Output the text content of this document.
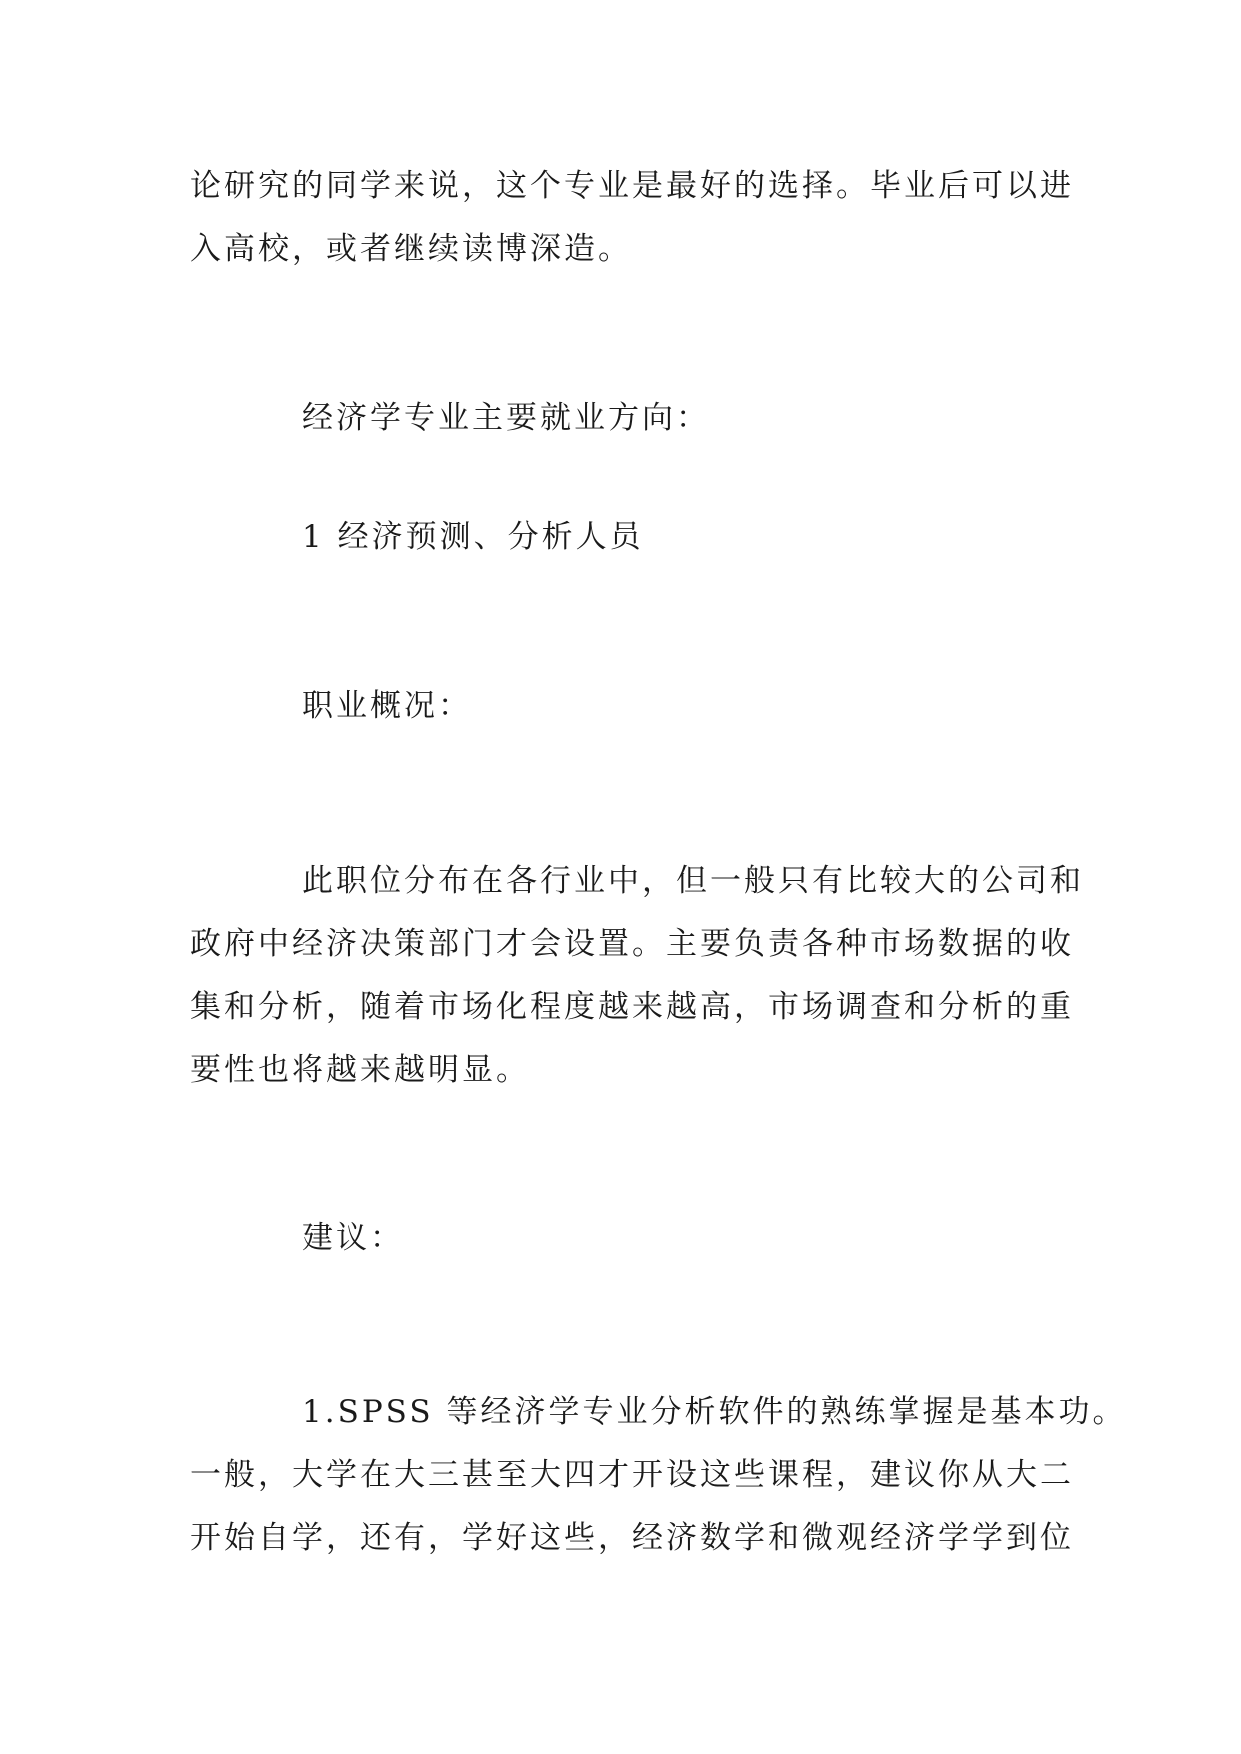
论研究的同学来说，这个专业是最好的选择。毕业后可以进
入高校，或者继续读博深造。
经济学专业主要就业方向：
1 经济预测、分析人员
职业概况：
此职位分布在各行业中，但一般只有比较大的公司和
政府中经济决策部门才会设置。主要负责各种市场数据的收
集和分析，随着市场化程度越来越高，市场调查和分析的重
要性也将越来越明显。
建议：
1.SPSS 等经济学专业分析软件的熟练掌握是基本功。
一般，大学在大三甚至大四才开设这些课程，建议你从大二
开始自学，还有，学好这些，经济数学和微观经济学学到位
